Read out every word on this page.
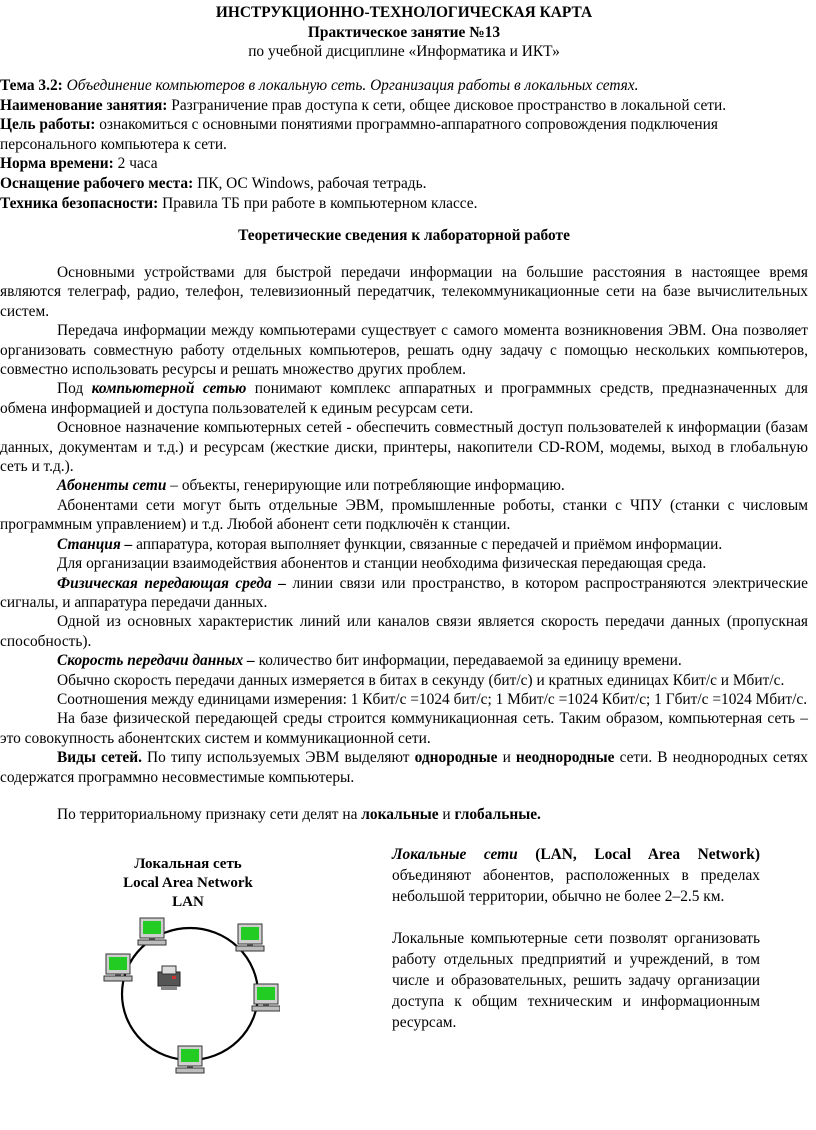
ИНСТРУКЦИОННО-ТЕХНОЛОГИЧЕСКАЯ КАРТА

Практическое занятие №13

по учебной дисциплине «Информатика и ИКТ»

Тема 3.2: Объединение компьютеров в локальную сеть. Организация работы в локальных сетях.

Наименование занятия: Разграничение прав доступа к сети, общее дисковое пространство в локальной сети.

Цель работы: ознакомиться с основными понятиями программно-аппаратного сопровождения подключения персонального компьютера к сети.

Норма времени: 2 часа

Оснащение рабочего места: ПК, ОС Windows, рабочая тетрадь.

Техника безопасности: Правила ТБ при работе в компьютерном классе.

Теоретические сведения к лабораторной работе

Основными устройствами для быстрой передачи информации на большие расстояния в настоящее время являются телеграф, радио, телефон, телевизионный передатчик, телекоммуникационные сети на базе вычислительных систем.

Передача информации между компьютерами существует с самого момента возникновения ЭВМ. Она позволяет организовать совместную работу отдельных компьютеров, решать одну задачу с помощью нескольких компьютеров, совместно использовать ресурсы и решать множество других проблем.

Под компьютерной сетью понимают комплекс аппаратных и программных средств, предназначенных для обмена информацией и доступа пользователей к единым ресурсам сети.

Основное назначение компьютерных сетей - обеспечить совместный доступ пользователей к информации (базам данных, документам и т.д.) и ресурсам (жесткие диски, принтеры, накопители CD-ROM, модемы, выход в глобальную сеть и т.д.).

Абоненты сети – объекты, генерирующие или потребляющие информацию.

Абонентами сети могут быть отдельные ЭВМ, промышленные роботы, станки с ЧПУ (станки с числовым программным управлением) и т.д. Любой абонент сети подключён к станции.

Станция – аппаратура, которая выполняет функции, связанные с передачей и приёмом информации.

Для организации взаимодействия абонентов и станции необходима физическая передающая среда.

Физическая передающая среда – линии связи или пространство, в котором распространяются электрические сигналы, и аппаратура передачи данных.

Одной из основных характеристик линий или каналов связи является скорость передачи данных (пропускная способность).

Скорость передачи данных – количество бит информации, передаваемой за единицу времени.

Обычно скорость передачи данных измеряется в битах в секунду (бит/с) и кратных единицах Кбит/с и Мбит/с.

Соотношения между единицами измерения: 1 Кбит/с =1024 бит/с; 1 Мбит/с =1024 Кбит/с; 1 Гбит/с =1024 Мбит/с.

На базе физической передающей среды строится коммуникационная сеть. Таким образом, компьютерная сеть – это совокупность абонентских систем и коммуникационной сети.

Виды сетей. По типу используемых ЭВМ выделяют однородные и неоднородные сети. В неоднородных сетях содержатся программно несовместимые компьютеры.

По территориальному признаку сети делят на локальные и глобальные.

Локальная сеть
Local Area Network
LAN

Локальные сети (LAN, Local Area Network) объединяют абонентов, расположенных в пределах небольшой территории, обычно не более 2–2.5 км.

Локальные компьютерные сети позволят организовать работу отдельных предприятий и учреждений, в том числе и образовательных, решить задачу организации доступа к общим техническим и информационным ресурсам.
